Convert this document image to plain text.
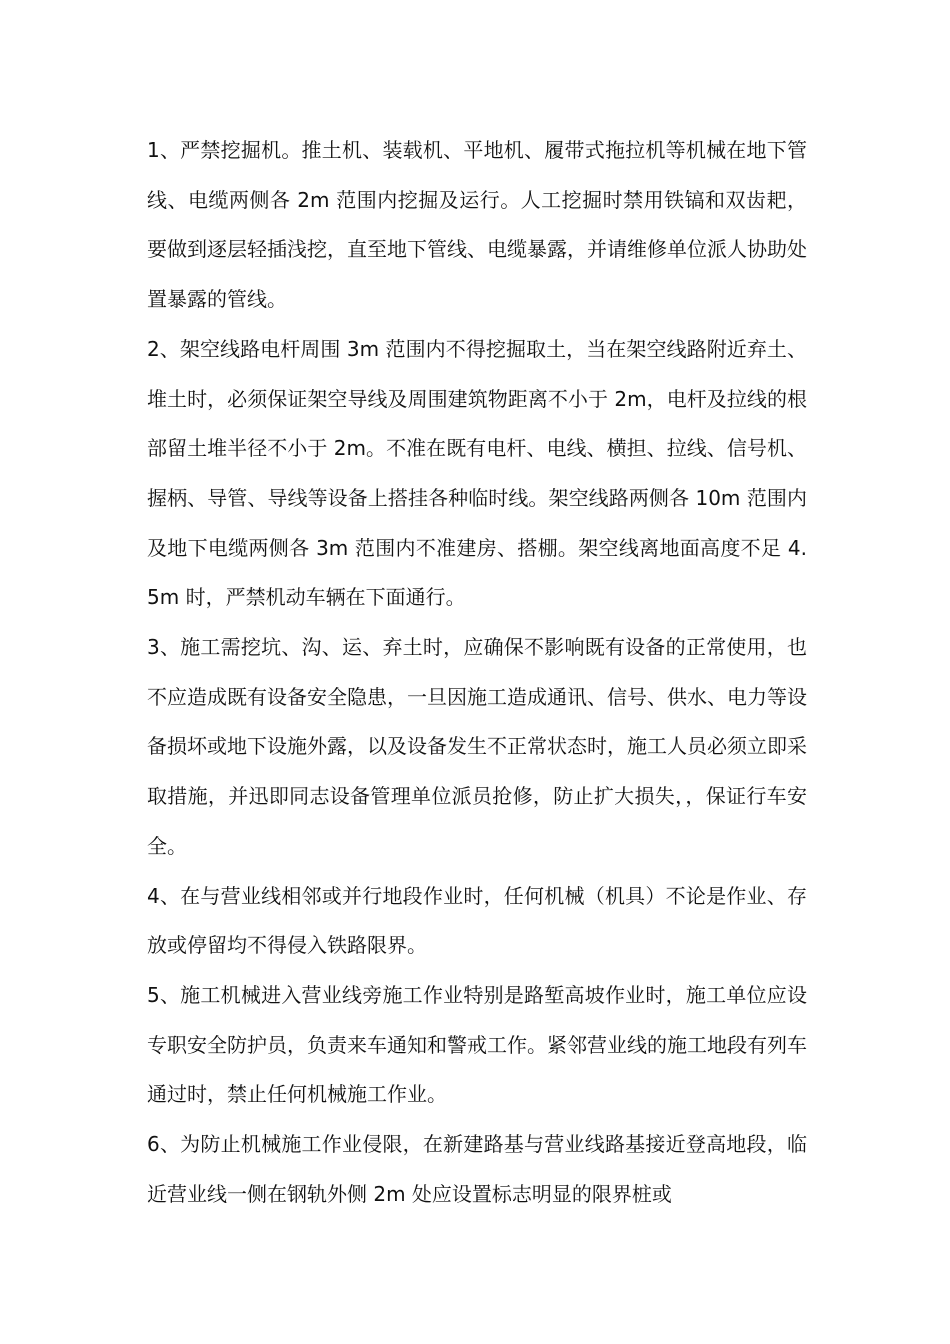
1、严禁挖掘机。推土机、装载机、平地机、履带式拖拉机等机械在地下管线、电缆两侧各 2m 范围内挖掘及运行。人工挖掘时禁用铁镐和双齿耙，要做到逐层轻插浅挖，直至地下管线、电缆暴露，并请维修单位派人协助处置暴露的管线。

2、架空线路电杆周围 3m 范围内不得挖掘取土，当在架空线路附近弃土、堆土时，必须保证架空导线及周围建筑物距离不小于 2m，电杆及拉线的根部留土堆半径不小于 2m。不准在既有电杆、电线、横担、拉线、信号机、握柄、导管、导线等设备上搭挂各种临时线。架空线路两侧各 10m 范围内及地下电缆两侧各 3m 范围内不准建房、搭棚。架空线离地面高度不足 4.5m 时，严禁机动车辆在下面通行。

3、施工需挖坑、沟、运、弃土时，应确保不影响既有设备的正常使用，也不应造成既有设备安全隐患，一旦因施工造成通讯、信号、供水、电力等设备损坏或地下设施外露，以及设备发生不正常状态时，施工人员必须立即采取措施，并迅即同志设备管理单位派员抢修，防止扩大损失，，保证行车安全。

4、在与营业线相邻或并行地段作业时，任何机械（机具）不论是作业、存放或停留均不得侵入铁路限界。

5、施工机械进入营业线旁施工作业特别是路堑高坡作业时，施工单位应设专职安全防护员，负责来车通知和警戒工作。紧邻营业线的施工地段有列车通过时，禁止任何机械施工作业。

6、为防止机械施工作业侵限，在新建路基与营业线路基接近登高地段，临近营业线一侧在钢轨外侧 2m 处应设置标志明显的限界桩或
